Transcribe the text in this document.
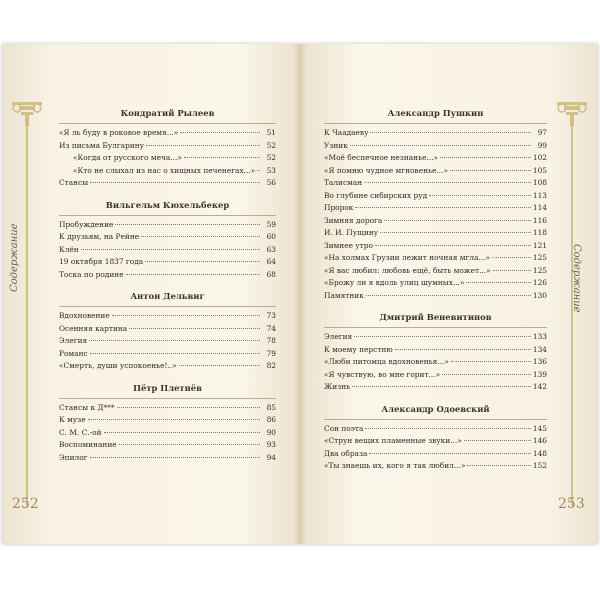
Содержание
Кондратий Рылеев
«Я ль буду в роковое время...»	51
Из письма Булгарину	52
«Когда от русского меча...»	52
«Кто не слыхал из нас о хищных печенегах...»	53
Стансы	56
Вильгельм Кюхельбекер
Пробуждение	59
К друзьям, на Рейне	60
Клён	63
19 октября 1837 года	64
Тоска по родине	68
Антон Дельвиг
Вдохновение	73
Осенняя картина	74
Элегия	78
Романс	79
«Смерть, души успокоенье!..»	82
Пётр Плетнёв
Стансы к Д***	85
К музе	86
С. М. С.-ой	90
Воспоминание	93
Эпилог	94
252
Содержание
Александр Пушкин
К Чаадаеву	97
Узник	99
«Моё беспечное незнанье...»	102
«Я помню чудное мгновенье...»	105
Талисман	108
Во глубине сибирских руд	113
Пророк	114
Зимняя дорога	116
И. И. Пущину	118
Зимнее утро	121
«На холмах Грузии лежит ночная мгла...»	125
«Я вас любил: любовь ещё, быть может...»	125
«Брожу ли я вдоль улиц шумных...»	126
Памятник	130
Дмитрий Веневитинов
Элегия	133
К моему перстню	134
«Люби питомца вдохновенья...»	136
«Я чувствую, во мне горит...»	139
Жизнь	142
Александр Одоевский
Сон поэта	145
«Струн вещих пламенные звуки...»	146
Два образа	148
«Ты знаешь их, кого я так любил...»	152
253
